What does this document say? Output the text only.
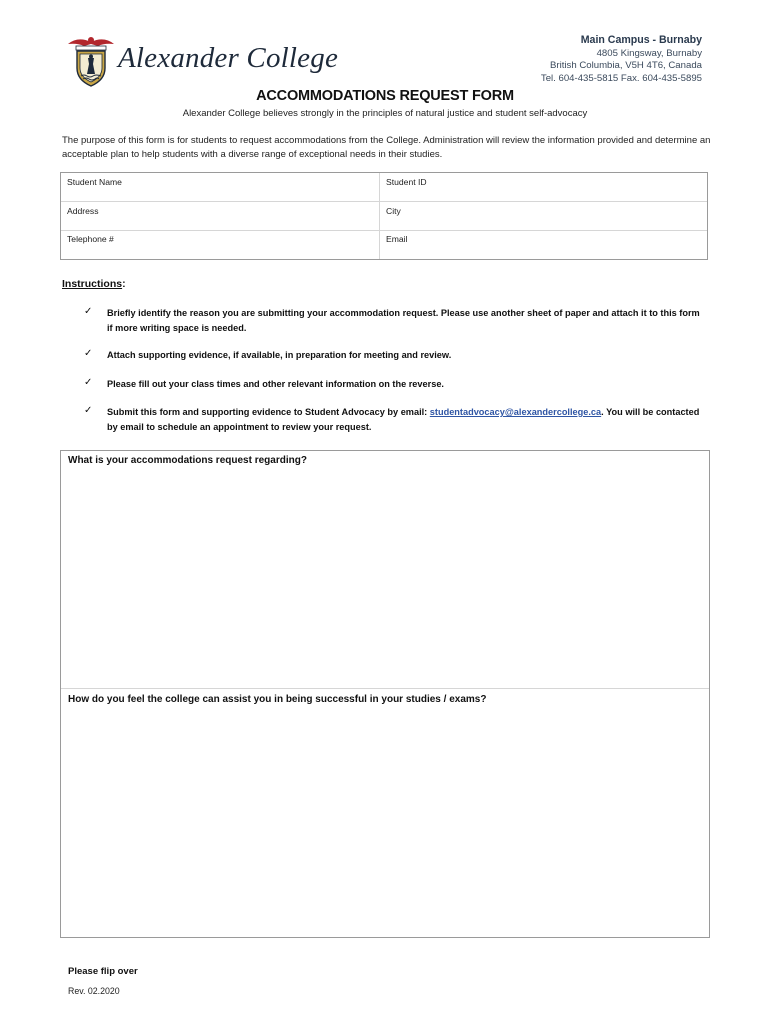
Alexander College
Main Campus - Burnaby
4805 Kingsway, Burnaby
British Columbia, V5H 4T6, Canada
Tel. 604-435-5815 Fax. 604-435-5895
ACCOMMODATIONS REQUEST FORM
Alexander College believes strongly in the principles of natural justice and student self-advocacy
The purpose of this form is for students to request accommodations from the College. Administration will review the information provided and determine an acceptable plan to help students with a diverse range of exceptional needs in their studies.
Student Name	Student ID
Address	City
Telephone #	Email
Instructions:
✓ Briefly identify the reason you are submitting your accommodation request. Please use another sheet of paper and attach it to this form if more writing space is needed.
✓ Attach supporting evidence, if available, in preparation for meeting and review.
✓ Please fill out your class times and other relevant information on the reverse.
✓ Submit this form and supporting evidence to Student Advocacy by email: studentadvocacy@alexandercollege.ca. You will be contacted by email to schedule an appointment to review your request.
What is your accommodations request regarding?
How do you feel the college can assist you in being successful in your studies / exams?
Please flip over
Rev. 02.2020
